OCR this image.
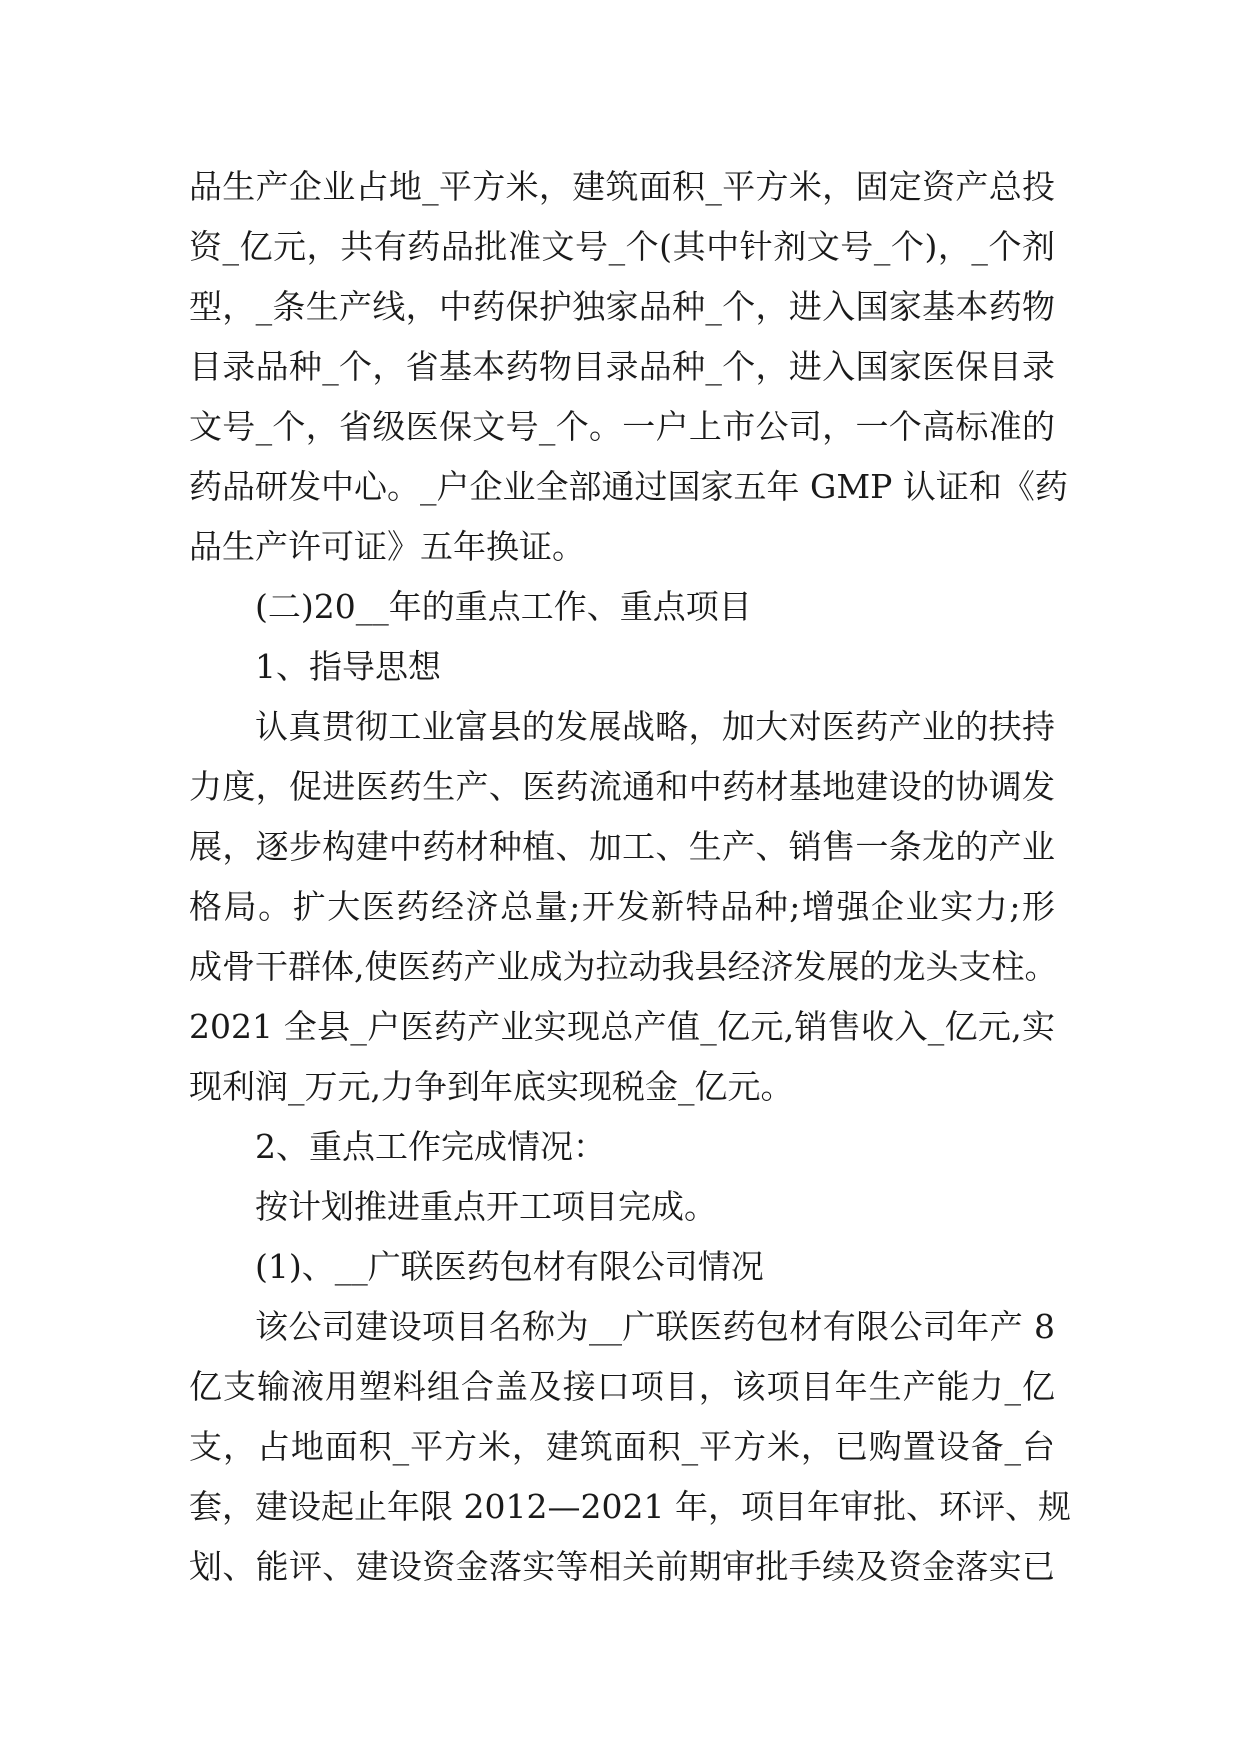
品生产企业占地_平方米，建筑面积_平方米，固定资产总投
资_亿元，共有药品批准文号_个(其中针剂文号_个)，_个剂
型，_条生产线，中药保护独家品种_个，进入国家基本药物
目录品种_个，省基本药物目录品种_个，进入国家医保目录
文号_个，省级医保文号_个。一户上市公司，一个高标准的
药品研发中心。_户企业全部通过国家五年 GMP 认证和《药
品生产许可证》五年换证。
(二)20__年的重点工作、重点项目
1、指导思想
认真贯彻工业富县的发展战略，加大对医药产业的扶持
力度，促进医药生产、医药流通和中药材基地建设的协调发
展，逐步构建中药材种植、加工、生产、销售一条龙的产业
格局。扩大医药经济总量;开发新特品种;增强企业实力;形
成骨干群体,使医药产业成为拉动我县经济发展的龙头支柱。
2021 全县_户医药产业实现总产值_亿元,销售收入_亿元,实
现利润_万元,力争到年底实现税金_亿元。
2、重点工作完成情况：
按计划推进重点开工项目完成。
(1)、__广联医药包材有限公司情况
该公司建设项目名称为__广联医药包材有限公司年产 8
亿支输液用塑料组合盖及接口项目，该项目年生产能力_亿
支，占地面积_平方米，建筑面积_平方米，已购置设备_台
套，建设起止年限 2012—2021 年，项目年审批、环评、规
划、能评、建设资金落实等相关前期审批手续及资金落实已
